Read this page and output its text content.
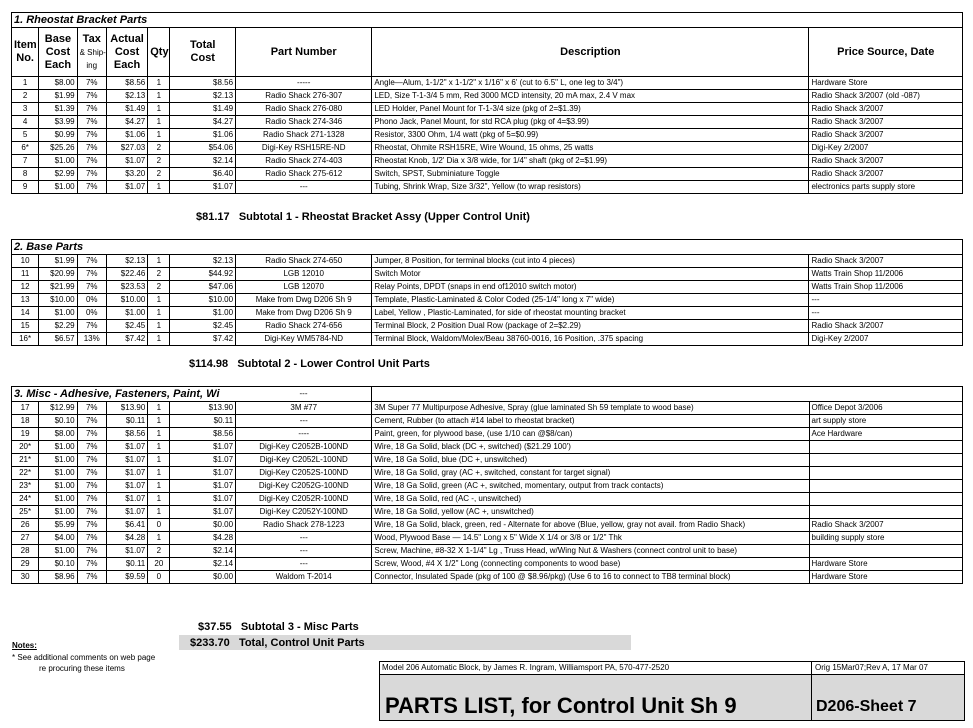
1. Rheostat Bracket Parts								
Item
No.	Base
Cost
Each	Tax
& Ship-
ing	Actual
Cost
Each	Qty	Total
Cost	Part Number	Description	Price Source, Date
1	$8.00	7%	$8.56	1	$8.56	-----	Angle—Alum, 1-1/2" x 1-1/2" x 1/16" x 6' (cut to 6.5" L, one leg to 3/4")	Hardware Store
2	$1.99	7%	$2.13	1	$2.13	Radio Shack 276-307	LED, Size T-1-3/4 5 mm, Red 3000 MCD intensity, 20 mA max, 2.4 V max	Radio Shack 3/2007 (old -087)
3	$1.39	7%	$1.49	1	$1.49	Radio Shack 276-080	LED Holder, Panel Mount for T-1-3/4 size (pkg of 2=$1.39)	Radio Shack 3/2007
4	$3.99	7%	$4.27	1	$4.27	Radio Shack 274-346	Phono Jack, Panel Mount, for std RCA plug (pkg of 4=$3.99)	Radio Shack 3/2007
5	$0.99	7%	$1.06	1	$1.06	Radio Shack 271-1328	Resistor, 3300 Ohm, 1/4 watt (pkg of 5=$0.99)	Radio Shack 3/2007
6*	$25.26	7%	$27.03	2	$54.06	Digi-Key RSH15RE-ND	Rheostat, Ohmite RSH15RE, Wire Wound, 15 ohms, 25 watts	Digi-Key 2/2007
7	$1.00	7%	$1.07	2	$2.14	Radio Shack 274-403	Rheostat Knob, 1/2' Dia x 3/8 wide, for 1/4" shaft (pkg of 2=$1.99)	Radio Shack 3/2007
8	$2.99	7%	$3.20	2	$6.40	Radio Shack 275-612	Switch, SPST, Subminiature Toggle	Radio Shack 3/2007
9	$1.00	7%	$1.07	1	$1.07	---	Tubing, Shrink Wrap, Size 3/32", Yellow (to wrap resistors)	electronics parts supply store
$81.17 Subtotal 1 - Rheostat Bracket Assy (Upper Control Unit)
2. Base Parts								
10	$1.99	7%	$2.13	1	$2.13	Radio Shack 274-650	Jumper, 8 Position, for terminal blocks (cut into 4 pieces)	Radio Shack 3/2007
11	$20.99	7%	$22.46	2	$44.92	LGB 12010	Switch Motor	Watts Train Shop 11/2006
12	$21.99	7%	$23.53	2	$47.06	LGB 12070	Relay Points, DPDT (snaps in end of12010 switch motor)	Watts Train Shop 11/2006
13	$10.00	0%	$10.00	1	$10.00	Make from Dwg D206 Sh 9	Template, Plastic-Laminated & Color Coded (25-1/4" long x 7" wide)	---
14	$1.00	0%	$1.00	1	$1.00	Make from Dwg D206 Sh 9	Label, Yellow , Plastic-Laminated, for side of rheostat mounting bracket	---
15	$2.29	7%	$2.45	1	$2.45	Radio Shack 274-656	Terminal Block, 2 Position Dual Row (package of 2=$2.29)	Radio Shack 3/2007
16*	$6.57	13%	$7.42	1	$7.42	Digi-Key WM5784-ND	Terminal Block, Waldom/Molex/Beau 38760-0016, 16 Position, .375 spacing	Digi-Key 2/2007
$114.98 Subtotal 2 - Lower Control Unit Parts
3. Misc - Adhesive, Fasteners, Paint, Wi						---		
17	$12.99	7%	$13.90	1	$13.90	3M #77	3M Super 77 Multipurpose Adhesive, Spray (glue laminated Sh 59 template to wood base)	Office Depot 3/2006
18	$0.10	7%	$0.11	1	$0.11	---	Cement, Rubber (to attach #14 label to rheostat bracket)	art supply store
19	$8.00	7%	$8.56	1	$8.56	----	Paint, green, for plywood base, (use 1/10 can @$8/can)	Ace Hardware
20*	$1.00	7%	$1.07	1	$1.07	Digi-Key C2052B-100ND	Wire, 18 Ga Solid, black (DC +, switched) ($21.29 100')	
21*	$1.00	7%	$1.07	1	$1.07	Digi-Key C2052L-100ND	Wire, 18 Ga Solid, blue (DC +, unswitched)	
22*	$1.00	7%	$1.07	1	$1.07	Digi-Key C2052S-100ND	Wire, 18 Ga Solid, gray (AC +, switched, constant for target signal)	
23*	$1.00	7%	$1.07	1	$1.07	Digi-Key C2052G-100ND	Wire, 18 Ga Solid, green (AC +, switched, momentary, output from track contacts)	
24*	$1.00	7%	$1.07	1	$1.07	Digi-Key C2052R-100ND	Wire, 18 Ga Solid, red (AC -, unswitched)	
25*	$1.00	7%	$1.07	1	$1.07	Digi-Key C2052Y-100ND	Wire, 18 Ga Solid, yellow (AC +, unswitched)	
26	$5.99	7%	$6.41	0	$0.00	Radio Shack 278-1223	Wire, 18 Ga Solid, black, green, red - Alternate for above (Blue, yellow, gray not avail. from Radio Shack)	Radio Shack 3/2007
27	$4.00	7%	$4.28	1	$4.28	---	Wood, Plywood Base — 14.5" Long x 5" Wide X 1/4 or 3/8 or 1/2" Thk	building supply store
28	$1.00	7%	$1.07	2	$2.14	---	Screw, Machine, #8-32 X 1-1/4" Lg , Truss Head, w/Wing Nut & Washers (connect control unit to base)	
29	$0.10	7%	$0.11	20	$2.14	---	Screw, Wood, #4 X 1/2" Long (connecting components to wood base)	Hardware Store
30	$8.96	7%	$9.59	0	$0.00	Waldom T-2014	Connector, Insulated Spade (pkg of 100 @ $8.96/pkg) (Use 6 to 16 to connect to TB8 terminal block)	Hardware Store
$37.55 Subtotal 3 - Misc Parts
$233.70 Total, Control Unit Parts
Notes:
* See additional comments on web page
re procuring these items	Model 206 Automatic Block, by James R. Ingram, Williamsport PA, 570-477-2520	Orig 15Mar07;Rev A, 17 Mar 07
PARTS LIST, for Control Unit Sh 9	D206-Sheet 7
